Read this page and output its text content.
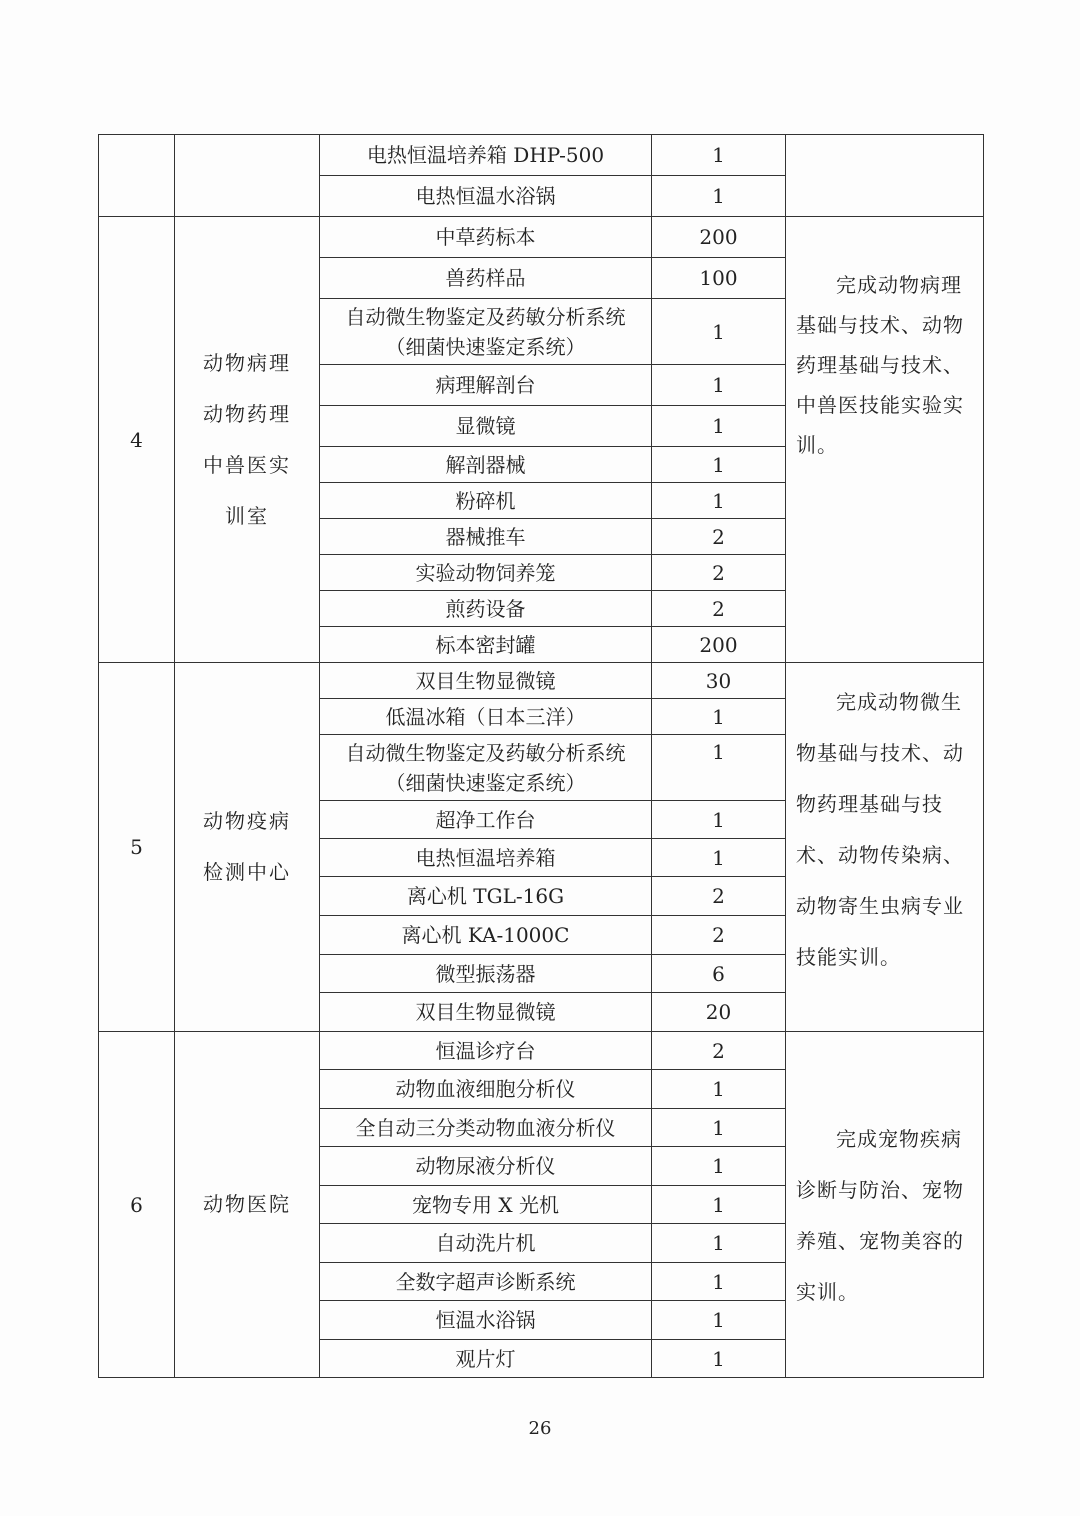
		电热恒温培养箱 DHP-500	1	
		电热恒温水浴锅	1	
4	动物病理动物药理中兽医实训室	中草药标本	200	完成动物病理基础与技术、动物药理基础与技术、中兽医技能实验实训。
		兽药样品	100	
		自动微生物鉴定及药敏分析系统（细菌快速鉴定系统）	1	
		病理解剖台	1	
		显微镜	1	
		解剖器械	1	
		粉碎机	1	
		器械推车	2	
		实验动物饲养笼	2	
		煎药设备	2	
		标本密封罐	200	
5	动物疫病检测中心	双目生物显微镜	30	完成动物微生物基础与技术、动物药理基础与技术、动物传染病、动物寄生虫病专业技能实训。
		低温冰箱（日本三洋）	1	
		自动微生物鉴定及药敏分析系统（细菌快速鉴定系统）	1	
		超净工作台	1	
		电热恒温培养箱	1	
		离心机 TGL-16G	2	
		离心机 KA-1000C	2	
		微型振荡器	6	
		双目生物显微镜	20	
6	动物医院	恒温诊疗台	2	完成宠物疾病诊断与防治、宠物养殖、宠物美容的实训。
		动物血液细胞分析仪	1	
		全自动三分类动物血液分析仪	1	
		动物尿液分析仪	1	
		宠物专用 X 光机	1	
		自动洗片机	1	
		全数字超声诊断系统	1	
		恒温水浴锅	1	
		观片灯	1	
26
